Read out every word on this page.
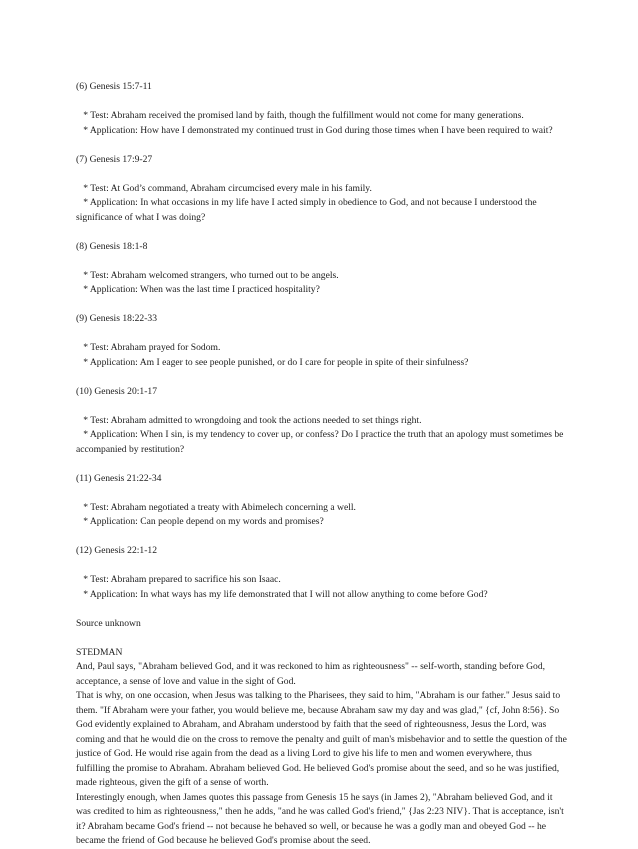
(6) Genesis 15:7-11

* Test: Abraham received the promised land by faith, though the fulfillment would not come for many generations.

* Application: How have I demonstrated my continued trust in God during those times when I have been required to wait?

(7) Genesis 17:9-27

* Test: At God’s command, Abraham circumcised every male in his family.

* Application: In what occasions in my life have I acted simply in obedience to God, and not because I understood the significance of what I was doing?

(8) Genesis 18:1-8

* Test: Abraham welcomed strangers, who turned out to be angels.

* Application: When was the last time I practiced hospitality?

(9) Genesis 18:22-33

* Test: Abraham prayed for Sodom.

* Application: Am I eager to see people punished, or do I care for people in spite of their sinfulness?

(10) Genesis 20:1-17

* Test: Abraham admitted to wrongdoing and took the actions needed to set things right.

* Application: When I sin, is my tendency to cover up, or confess? Do I practice the truth that an apology must sometimes be accompanied by restitution?

(11) Genesis 21:22-34

* Test: Abraham negotiated a treaty with Abimelech concerning a well.

* Application: Can people depend on my words and promises?

(12) Genesis 22:1-12

* Test: Abraham prepared to sacrifice his son Isaac.

* Application: In what ways has my life demonstrated that I will not allow anything to come before God?

Source unknown

STEDMAN

And, Paul says, "Abraham believed God, and it was reckoned to him as righteousness" -- self-worth, standing before God, acceptance, a sense of love and value in the sight of God.

That is why, on one occasion, when Jesus was talking to the Pharisees, they said to him, "Abraham is our father." Jesus said to them. "If Abraham were your father, you would believe me, because Abraham saw my day and was glad," {cf, John 8:56}. So God evidently explained to Abraham, and Abraham understood by faith that the seed of righteousness, Jesus the Lord, was coming and that he would die on the cross to remove the penalty and guilt of man's misbehavior and to settle the question of the justice of God. He would rise again from the dead as a living Lord to give his life to men and women everywhere, thus fulfilling the promise to Abraham. Abraham believed God. He believed God's promise about the seed, and so he was justified, made righteous, given the gift of a sense of worth.

Interestingly enough, when James quotes this passage from Genesis 15 he says (in James 2), "Abraham believed God, and it was credited to him as righteousness," then he adds, "and he was called God's friend," {Jas 2:23 NIV}. That is acceptance, isn't it? Abraham became God's friend -- not because he behaved so well, or because he was a godly man and obeyed God -- he became the friend of God because he believed God's promise about the seed.
